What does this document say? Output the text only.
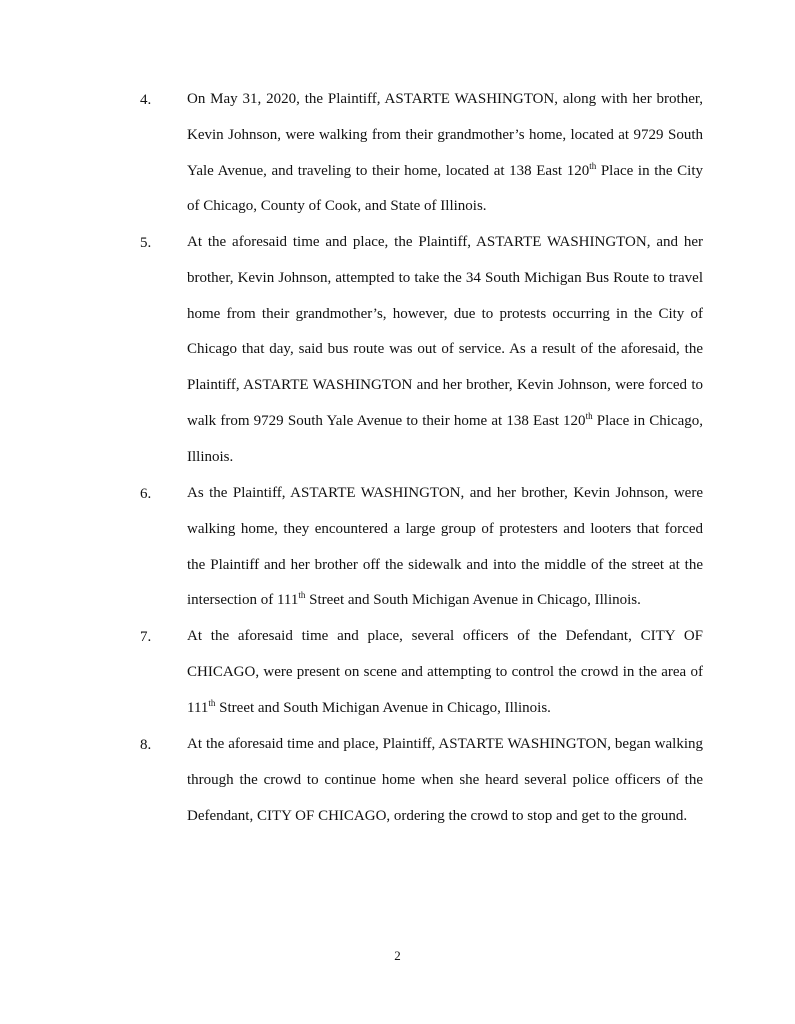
4. On May 31, 2020, the Plaintiff, ASTARTE WASHINGTON, along with her brother, Kevin Johnson, were walking from their grandmother’s home, located at 9729 South Yale Avenue, and traveling to their home, located at 138 East 120th Place in the City of Chicago, County of Cook, and State of Illinois.

5. At the aforesaid time and place, the Plaintiff, ASTARTE WASHINGTON, and her brother, Kevin Johnson, attempted to take the 34 South Michigan Bus Route to travel home from their grandmother’s, however, due to protests occurring in the City of Chicago that day, said bus route was out of service. As a result of the aforesaid, the Plaintiff, ASTARTE WASHINGTON and her brother, Kevin Johnson, were forced to walk from 9729 South Yale Avenue to their home at 138 East 120th Place in Chicago, Illinois.

6. As the Plaintiff, ASTARTE WASHINGTON, and her brother, Kevin Johnson, were walking home, they encountered a large group of protesters and looters that forced the Plaintiff and her brother off the sidewalk and into the middle of the street at the intersection of 111th Street and South Michigan Avenue in Chicago, Illinois.

7. At the aforesaid time and place, several officers of the Defendant, CITY OF CHICAGO, were present on scene and attempting to control the crowd in the area of 111th Street and South Michigan Avenue in Chicago, Illinois.

8. At the aforesaid time and place, Plaintiff, ASTARTE WASHINGTON, began walking through the crowd to continue home when she heard several police officers of the Defendant, CITY OF CHICAGO, ordering the crowd to stop and get to the ground.

2
